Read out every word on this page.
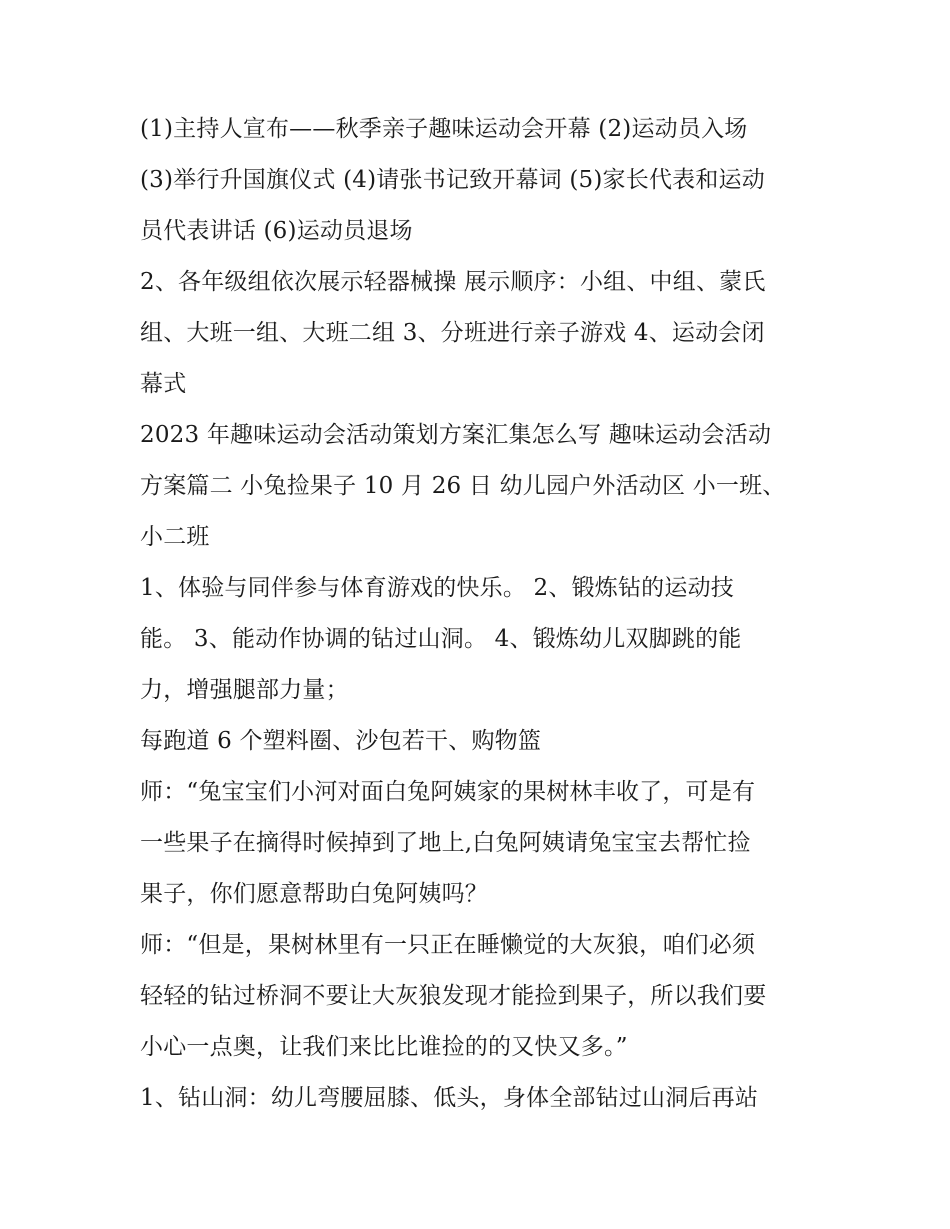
(1)主持人宣布——秋季亲子趣味运动会开幕 (2)运动员入场
(3)举行升国旗仪式 (4)请张书记致开幕词 (5)家长代表和运动
员代表讲话 (6)运动员退场
2、各年级组依次展示轻器械操 展示顺序：小组、中组、蒙氏
组、大班一组、大班二组 3、分班进行亲子游戏 4、运动会闭
幕式
2023 年趣味运动会活动策划方案汇集怎么写 趣味运动会活动
方案篇二 小兔捡果子 10 月 26 日 幼儿园户外活动区 小一班、
小二班
1、体验与同伴参与体育游戏的快乐。 2、锻炼钻的运动技
能。 3、能动作协调的钻过山洞。 4、锻炼幼儿双脚跳的能
力，增强腿部力量；
每跑道 6 个塑料圈、沙包若干、购物篮
师：“兔宝宝们小河对面白兔阿姨家的果树林丰收了，可是有
一些果子在摘得时候掉到了地上,白兔阿姨请兔宝宝去帮忙捡
果子，你们愿意帮助白兔阿姨吗？
师：“但是，果树林里有一只正在睡懒觉的大灰狼，咱们必须
轻轻的钻过桥洞不要让大灰狼发现才能捡到果子，所以我们要
小心一点奥，让我们来比比谁捡的的又快又多。”
1、钻山洞：幼儿弯腰屈膝、低头，身体全部钻过山洞后再站
